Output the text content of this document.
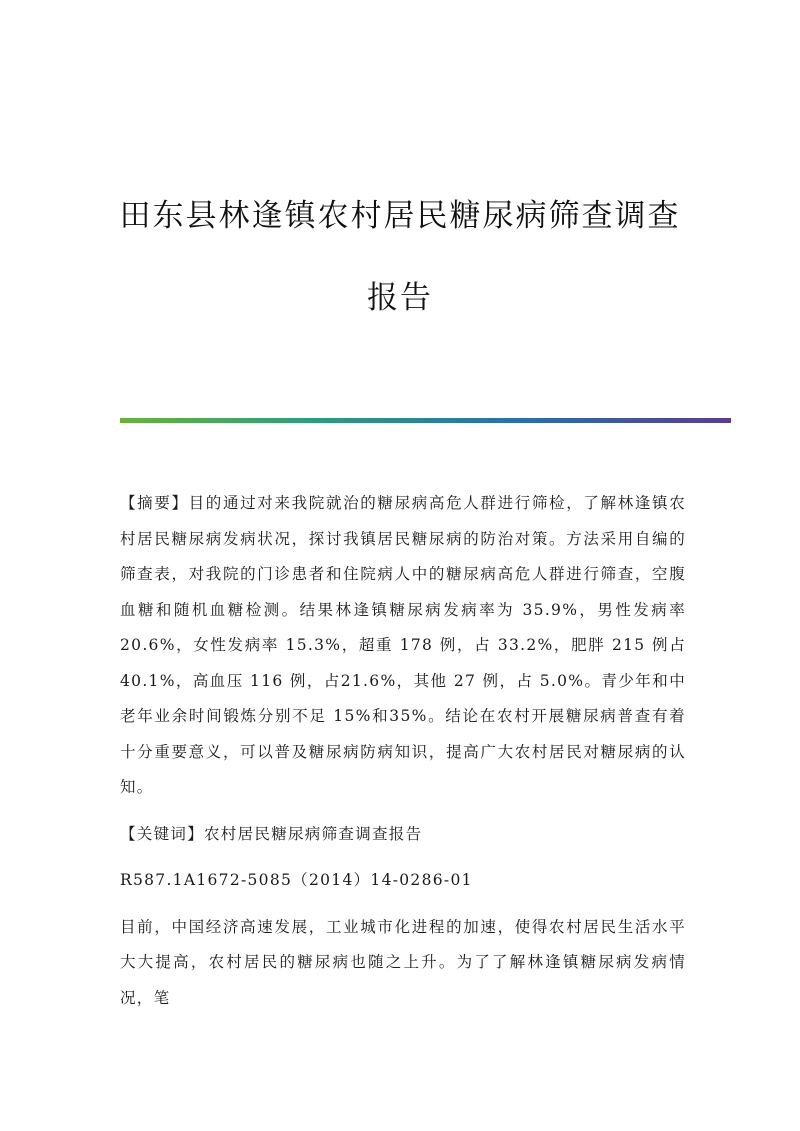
田东县林逢镇农村居民糖尿病筛查调查
报告

【摘要】目的通过对来我院就治的糖尿病高危人群进行筛检，了解林逢镇农村居民糖尿病发病状况，探讨我镇居民糖尿病的防治对策。方法采用自编的筛查表，对我院的门诊患者和住院病人中的糖尿病高危人群进行筛查，空腹血糖和随机血糖检测。结果林逢镇糖尿病发病率为 35.9%，男性发病率 20.6%，女性发病率 15.3%，超重 178 例，占 33.2%，肥胖 215 例占 40.1%，高血压 116 例，占21.6%，其他 27 例，占 5.0%。青少年和中老年业余时间锻炼分别不足 15%和35%。结论在农村开展糖尿病普查有着十分重要意义，可以普及糖尿病防病知识，提高广大农村居民对糖尿病的认知。

【关键词】农村居民糖尿病筛查调查报告

R587.1A1672-5085（2014）14-0286-01

目前，中国经济高速发展，工业城市化进程的加速，使得农村居民生活水平大大提高，农村居民的糖尿病也随之上升。为了了解林逢镇糖尿病发病情况，笔
